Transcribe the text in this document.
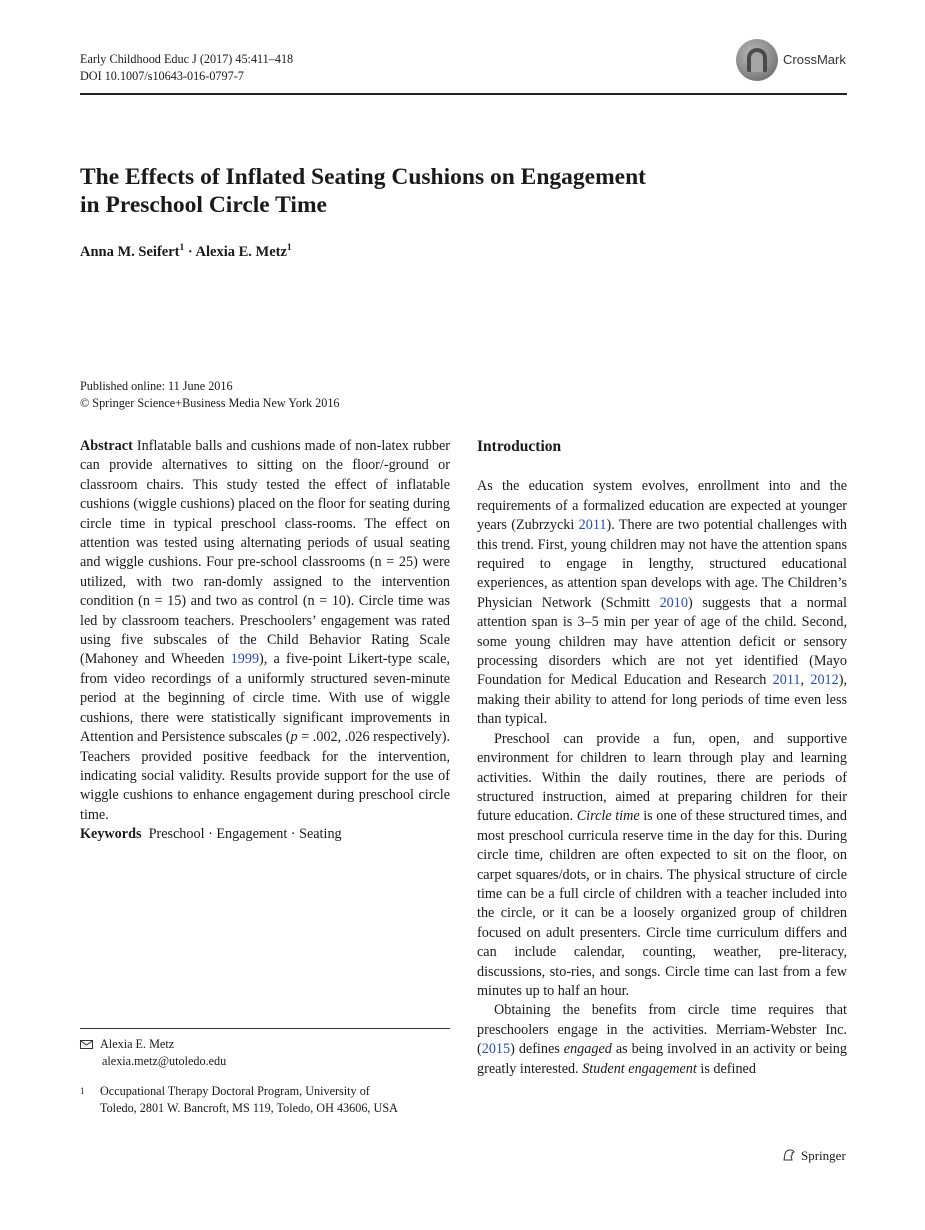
Early Childhood Educ J (2017) 45:411–418
DOI 10.1007/s10643-016-0797-7
CrossMark
The Effects of Inflated Seating Cushions on Engagement
in Preschool Circle Time
Anna M. Seifert$^1$ · Alexia E. Metz$^1$
Published online: 11 June 2016
© Springer Science+Business Media New York 2016

Abstract Inflatable balls and cushions made of non-latex rubber can provide alternatives to sitting on the floor/-ground or classroom chairs. This study tested the effect of inflatable cushions (wiggle cushions) placed on the floor for seating during circle time in typical preschool class-rooms. The effect on attention was tested using alternating periods of usual seating and wiggle cushions. Four pre-school classrooms (n = 25) were utilized, with two ran-domly assigned to the intervention condition (n = 15) and two as control (n = 10). Circle time was led by classroom teachers. Preschoolers’ engagement was rated using five subscales of the Child Behavior Rating Scale (Mahoney and Wheeden 1999), a five-point Likert-type scale, from video recordings of a uniformly structured seven-minute period at the beginning of circle time. With use of wiggle cushions, there were statistically significant improvements in Attention and Persistence subscales (p = .002, .026 respectively). Teachers provided positive feedback for the intervention, indicating social validity. Results provide support for the use of wiggle cushions to enhance engagement during preschool circle time.

Keywords Preschool · Engagement · Seating

Alexia E. Metz
alexia.metz@utoledo.edu
1 Occupational Therapy Doctoral Program, University of
Toledo, 2801 W. Bancroft, MS 119, Toledo, OH 43606, USA
Introduction

As the education system evolves, enrollment into and the requirements of a formalized education are expected at younger years (Zubrzycki 2011). There are two potential challenges with this trend. First, young children may not have the attention spans required to engage in lengthy, structured educational experiences, as attention span develops with age. The Children’s Physician Network (Schmitt 2010) suggests that a normal attention span is 3–5 min per year of age of the child. Second, some young children may have attention deficit or sensory processing disorders which are not yet identified (Mayo Foundation for Medical Education and Research 2011, 2012), making their ability to attend for long periods of time even less than typical.

Preschool can provide a fun, open, and supportive environment for children to learn through play and learning activities. Within the daily routines, there are periods of structured instruction, aimed at preparing children for their future education. Circle time is one of these structured times, and most preschool curricula reserve time in the day for this. During circle time, children are often expected to sit on the floor, on carpet squares/dots, or in chairs. The physical structure of circle time can be a full circle of children with a teacher included into the circle, or it can be a loosely organized group of children focused on adult presenters. Circle time curriculum differs and can include calendar, counting, weather, pre-literacy, discussions, sto-ries, and songs. Circle time can last from a few minutes up to half an hour.

Obtaining the benefits from circle time requires that preschoolers engage in the activities. Merriam-Webster Inc. (2015) defines engaged as being involved in an activity or being greatly interested. Student engagement is defined

Springer
